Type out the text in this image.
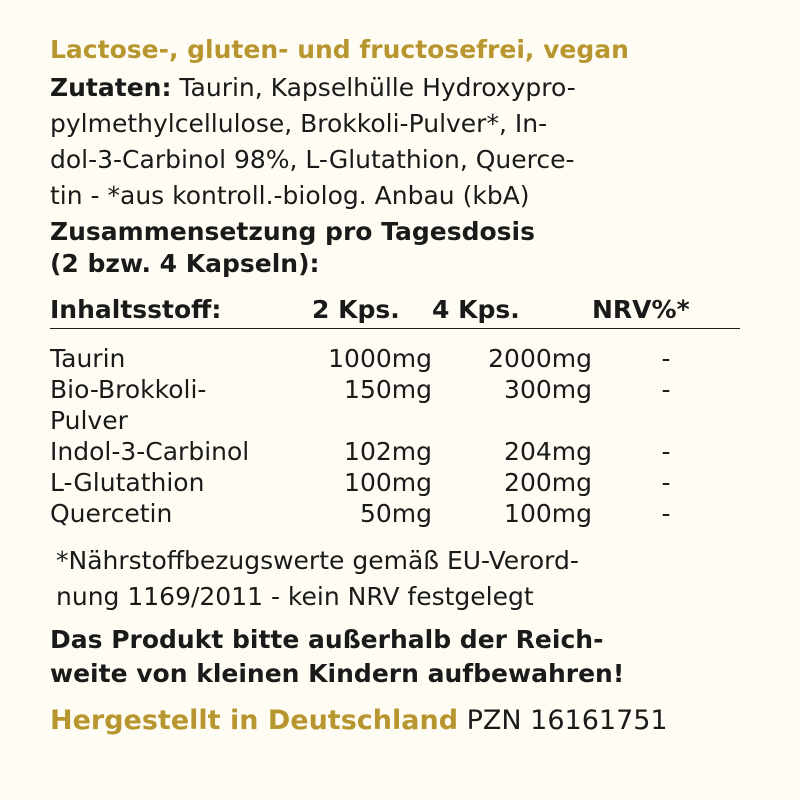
Lactose-, gluten- und fructosefrei, vegan
Zutaten: Taurin, Kapselhülle Hydroxypro-
pylmethylcellulose, Brokkoli-Pulver*, In-
dol-3-Carbinol 98%, L-Glutathion, Querce-
tin - *aus kontroll.-biolog. Anbau (kbA)
Zusammensetzung pro Tagesdosis
(2 bzw. 4 Kapseln):
Inhaltsstoff:	2 Kps.	4 Kps.	NRV%*

Taurin	1000mg	2000mg	-

Bio-Brokkoli-
Pulver	150mg	300mg	-

Indol-3-Carbinol	102mg	204mg	-

L-Glutathion	100mg	200mg	-

Quercetin	50mg	100mg	-
*Nährstoffbezugswerte gemäß EU-Verord-
nung 1169/2011 - kein NRV festgelegt
Das Produkt bitte außerhalb der Reich-
weite von kleinen Kindern aufbewahren!
Hergestellt in Deutschland PZN 16161751
